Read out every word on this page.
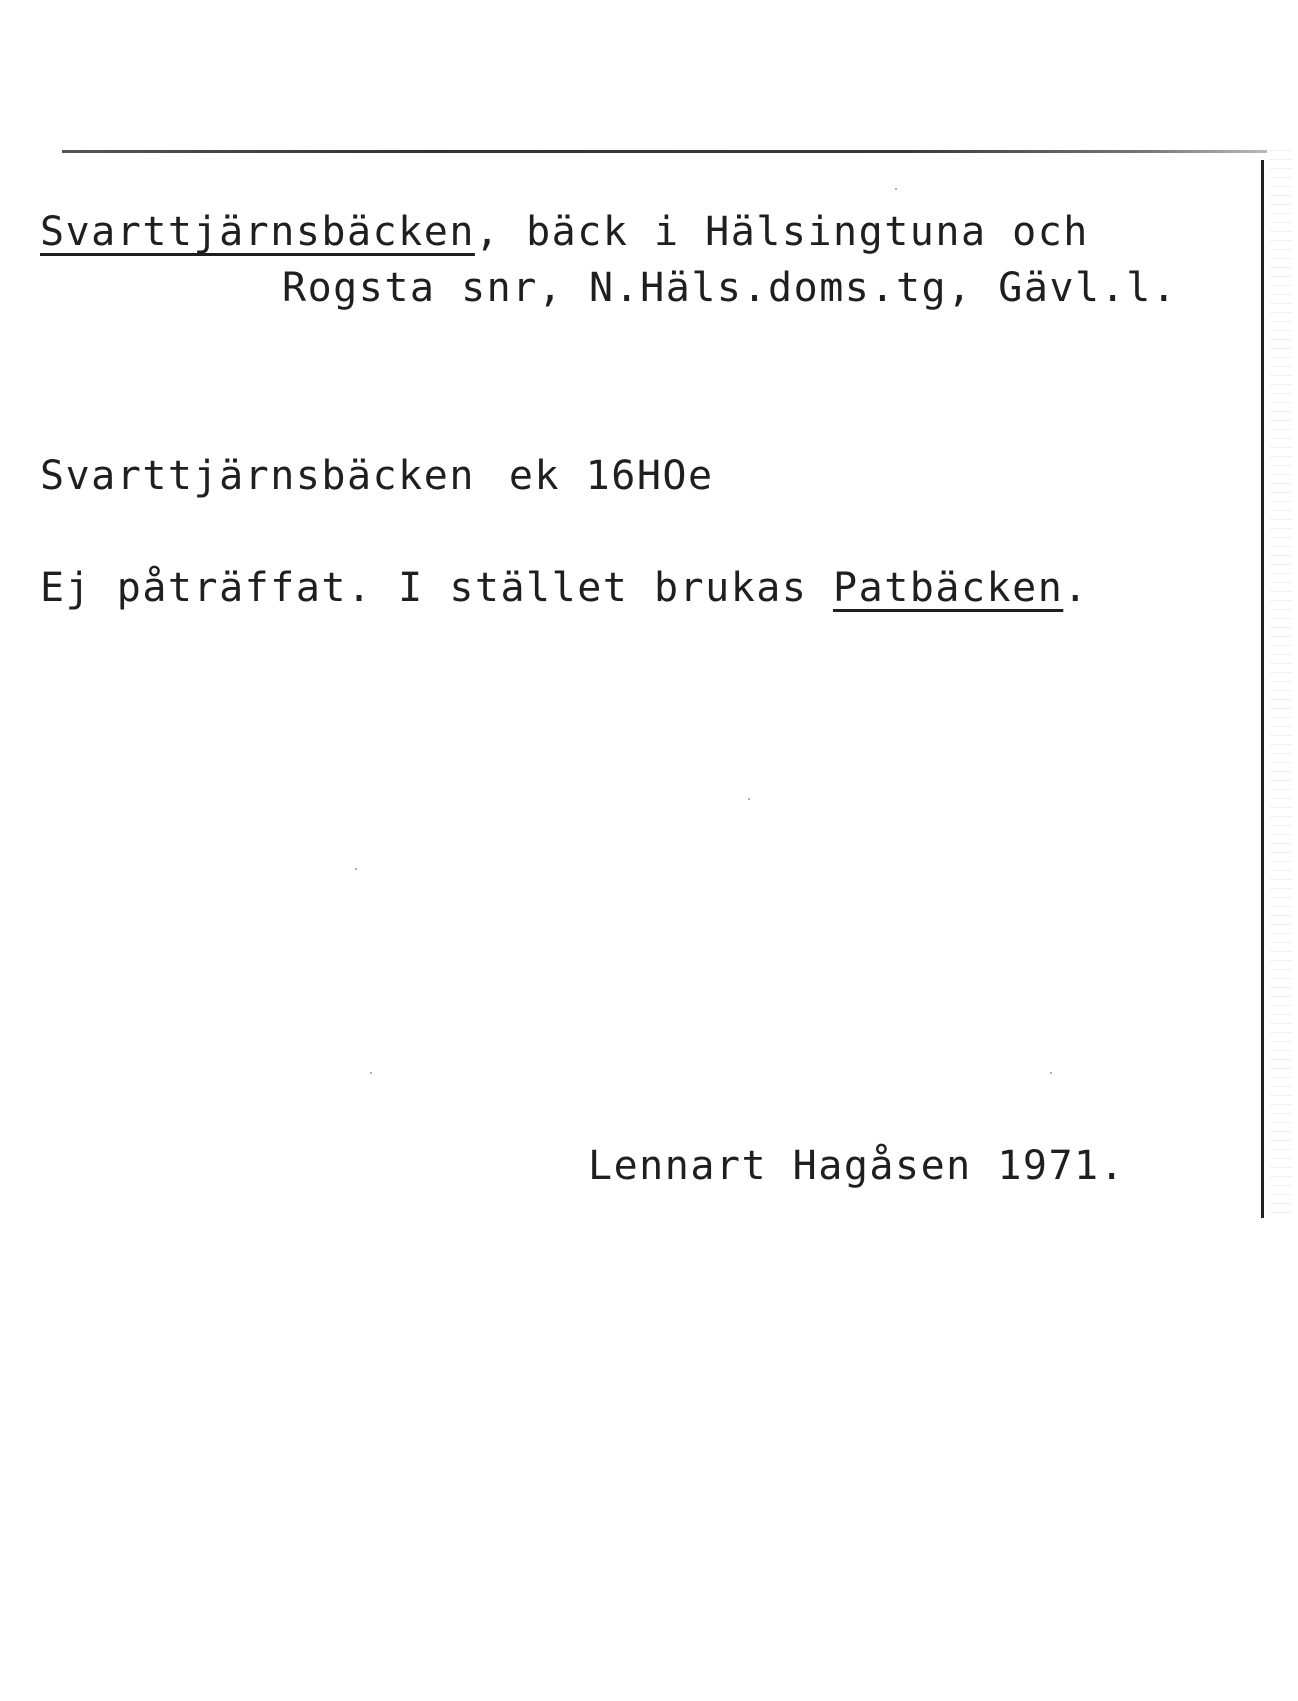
Svarttjärnsbäcken, bäck i Hälsingtuna och
Rogsta snr, N.Häls.doms.tg, Gävl.l.
Svarttjärnsbäcken ek 16HOe
Ej påträffat. I stället brukas Patbäcken.
Lennart Hagåsen 1971.
